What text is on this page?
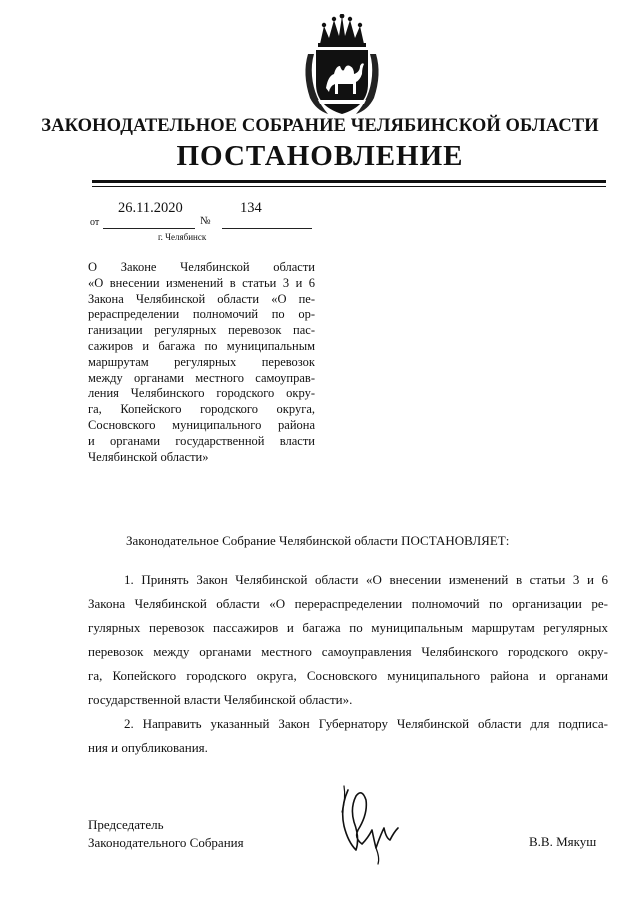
ЗАКОНОДАТЕЛЬНОЕ СОБРАНИЕ ЧЕЛЯБИНСКОЙ ОБЛАСТИ
ПОСТАНОВЛЕНИЕ
26.11.2020	134
от	№
г. Челябинск
О Законе Челябинской области
«О внесении изменений в статьи 3 и 6
Закона Челябинской области «О пе-
рераспределении полномочий по ор-
ганизации регулярных перевозок пас-
сажиров и багажа по муниципальным
маршрутам регулярных перевозок
между органами местного самоуправ-
ления Челябинского городского окру-
га, Копейского городского округа,
Сосновского муниципального района
и органами государственной власти
Челябинской области»
Законодательное Собрание Челябинской области ПОСТАНОВЛЯЕТ:
1. Принять Закон Челябинской области «О внесении изменений в статьи 3 и 6
Закона Челябинской области «О перераспределении полномочий по организации ре-
гулярных перевозок пассажиров и багажа по муниципальным маршрутам регулярных
перевозок между органами местного самоуправления Челябинского городского окру-
га, Копейского городского округа, Сосновского муниципального района и органами
государственной власти Челябинской области».
2. Направить указанный Закон Губернатору Челябинской области для подписа-
ния и опубликования.
Председатель
Законодательного Собрания	В.В. Мякуш
